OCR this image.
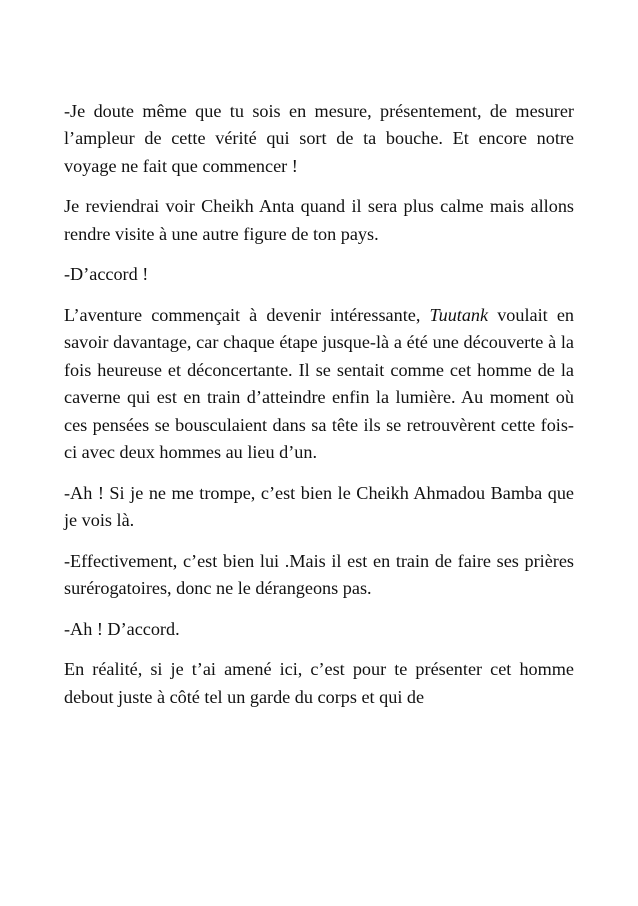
-Je doute même que tu sois en mesure, présentement, de mesurer l’ampleur de cette vérité qui sort de ta bouche. Et encore notre voyage ne fait que commencer !

Je reviendrai voir Cheikh Anta quand il sera plus calme mais allons rendre visite à une autre figure de ton pays.

-D’accord !

L’aventure commençait à devenir intéressante, Tuutank voulait en savoir davantage, car chaque étape jusque-là a été une découverte à la fois heureuse et déconcertante. Il se sentait comme cet homme de la caverne qui est en train d’atteindre enfin la lumière. Au moment où ces pensées se bousculaient dans sa tête ils se retrouvèrent cette fois-ci avec deux hommes au lieu d’un.

-Ah ! Si je ne me trompe, c’est bien le Cheikh Ahmadou Bamba que je vois là.

-Effectivement, c’est bien lui .Mais il est en train de faire ses prières surérogatoires, donc ne le dérangeons pas.

-Ah ! D’accord.

En réalité, si je t’ai amené ici, c’est pour te présenter cet homme debout juste à côté tel un garde du corps et qui de
